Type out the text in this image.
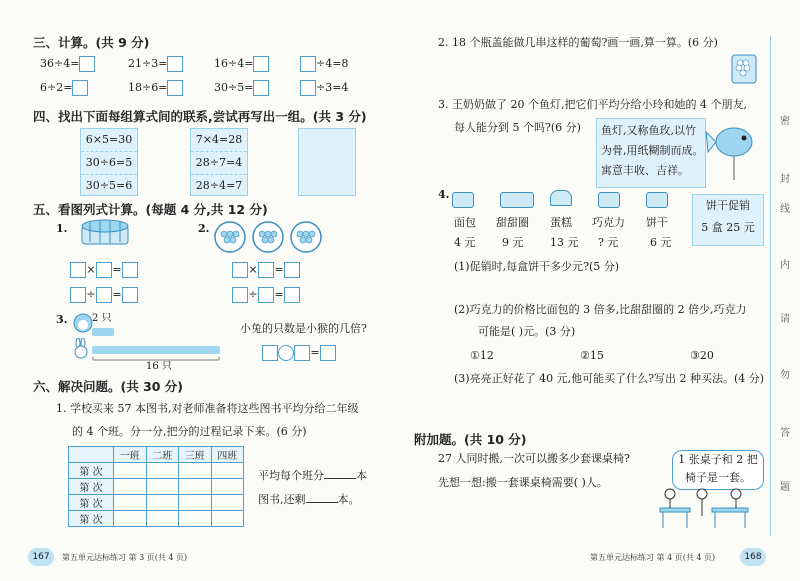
三、计算。(共 9 分)
36÷4=	21÷3=	16÷4=	÷4=8
6÷2=	18÷6=	30÷5=	÷3=4
四、找出下面每组算式间的联系,尝试再写出一组。(共 3 分)
6×5=30
30÷6=5
30÷5=6
7×4=28
28÷7=4
28÷4=7
五、看图列式计算。(每题 4 分,共 12 分)
1.	2.
× =
÷ =
× =
÷ =
3. 2 只
16 只
小兔的只数是小猴的几倍?
=
六、解决问题。(共 30 分)
1. 学校买来 57 本图书,对老师准备将这些图书平均分给二年级
的 4 个班。分一分,把分的过程记录下来。(6 分)
	一班	二班	三班	四班
第 次				
第 次				
第 次				
第 次				
平均每个班分	本
图书,还剩	本。
167	第五单元达标练习 第 3 页(共 4 页)
2. 18 个瓶盖能做几串这样的葡萄?画一画,算一算。(6 分)
3. 王奶奶做了 20 个鱼灯,把它们平均分给小玲和她的 4 个朋友,
每人能分到 5 个吗?(6 分) 鱼灯,又称鱼玫,以竹
为骨,用纸糊制而成。
寓意丰收、吉祥。
4.
面包 甜甜圈 蛋糕 巧克力 饼干
4 元 9 元 13 元 ? 元	6 元
饼干促销
5 盒 25 元
(1)促销时,每盒饼干多少元?(5 分)
(2)巧克力的价格比面包的 3 倍多,比甜甜圈的 2 倍少,巧克力
可能是( )元。(3 分)
①12	②15	③20
(3)亮亮正好花了 40 元,他可能买了什么?写出 2 种买法。(4 分)
附加题。(共 10 分)
27 人同时搬,一次可以搬多少套课桌椅?
先想一想:搬一套课桌椅需要( )人。
1 张桌子和 2 把
椅子是一套。
密
封
线
内
请
勿
答
题
第五单元达标练习 第 4 页(共 4 页)	168
